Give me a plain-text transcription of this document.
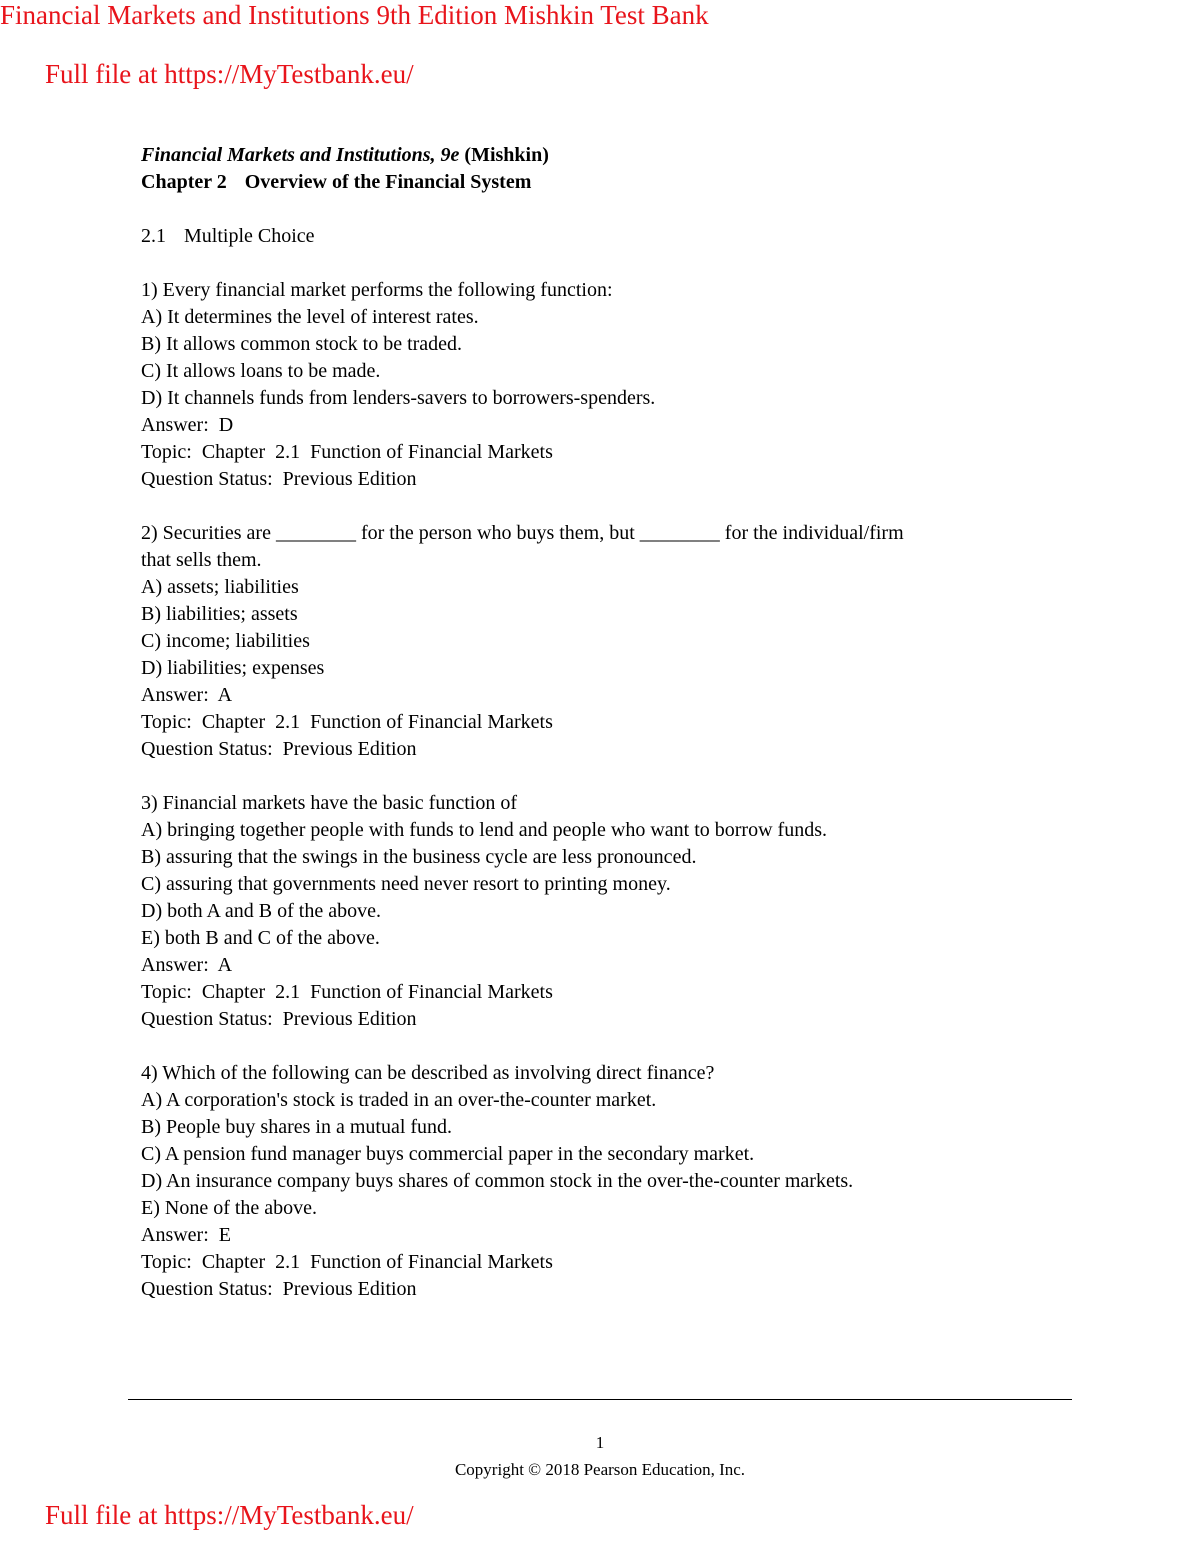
Financial Markets and Institutions 9th Edition Mishkin Test Bank
Full file at https://MyTestbank.eu/
Financial Markets and Institutions, 9e (Mishkin)
Chapter 2 Overview of the Financial System
2.1 Multiple Choice
1) Every financial market performs the following function:
A) It determines the level of interest rates.
B) It allows common stock to be traded.
C) It allows loans to be made.
D) It channels funds from lenders-savers to borrowers-spenders.
Answer: D
Topic: Chapter  2.1  Function of Financial Markets
Question Status: Previous Edition
2) Securities are ________ for the person who buys them, but ________ for the individual/firm
that sells them.
A) assets; liabilities
B) liabilities; assets
C) income; liabilities
D) liabilities; expenses
Answer: A
Topic: Chapter  2.1  Function of Financial Markets
Question Status: Previous Edition
3) Financial markets have the basic function of
A) bringing together people with funds to lend and people who want to borrow funds.
B) assuring that the swings in the business cycle are less pronounced.
C) assuring that governments need never resort to printing money.
D) both A and B of the above.
E) both B and C of the above.
Answer: A
Topic: Chapter  2.1  Function of Financial Markets
Question Status: Previous Edition
4) Which of the following can be described as involving direct finance?
A) A corporation's stock is traded in an over-the-counter market.
B) People buy shares in a mutual fund.
C) A pension fund manager buys commercial paper in the secondary market.
D) An insurance company buys shares of common stock in the over-the-counter markets.
E) None of the above.
Answer: E
Topic: Chapter  2.1  Function of Financial Markets
Question Status: Previous Edition
1
Copyright © 2018 Pearson Education, Inc.
Full file at https://MyTestbank.eu/
